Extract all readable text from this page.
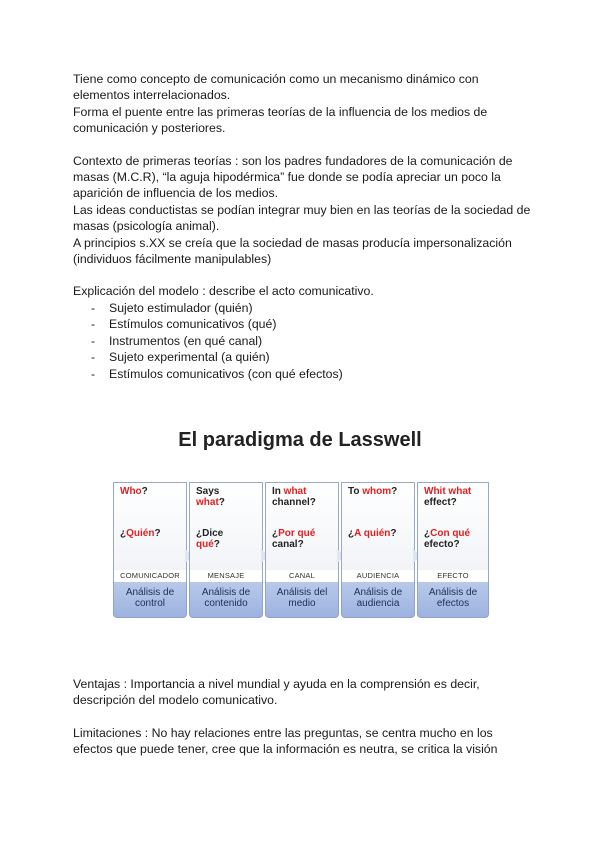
Tiene como concepto de comunicación como un mecanismo dinámico con elementos interrelacionados.

Forma el puente entre las primeras teorías de la influencia de los medios de comunicación y posteriores.

Contexto de primeras teorías : son los padres fundadores de la comunicación de masas (M.C.R), “la aguja hipodérmica” fue donde se podía apreciar un poco la aparición de influencia de los medios.

Las ideas conductistas se podían integrar muy bien en las teorías de la sociedad de masas (psicología animal).

A principios s.XX se creía que la sociedad de masas producía impersonalización (individuos fácilmente manipulables)

Explicación del modelo : describe el acto comunicativo.

- Sujeto estimulador (quién)
- Estímulos comunicativos (qué)
- Instrumentos (en qué canal)
- Sujeto experimental (a quién)
- Estímulos comunicativos (con qué efectos)
El paradigma de Lasswell
Who?
¿Quién?
COMUNICADOR
Análisis de control
Says
what?
¿Dice
qué?
MENSAJE
Análisis de contenido
In what channel?
¿Por qué canal?
CANAL
Análisis del medio
To whom?
¿A quién?
AUDIENCIA
Análisis de audiencia
Whit what effect?
¿Con qué efecto?
EFECTO
Análisis de efectos

Ventajas : Importancia a nivel mundial y ayuda en la comprensión es decir, descripción del modelo comunicativo.

Limitaciones : No hay relaciones entre las preguntas, se centra mucho en los efectos que puede tener, cree que la información es neutra, se critica la visión
